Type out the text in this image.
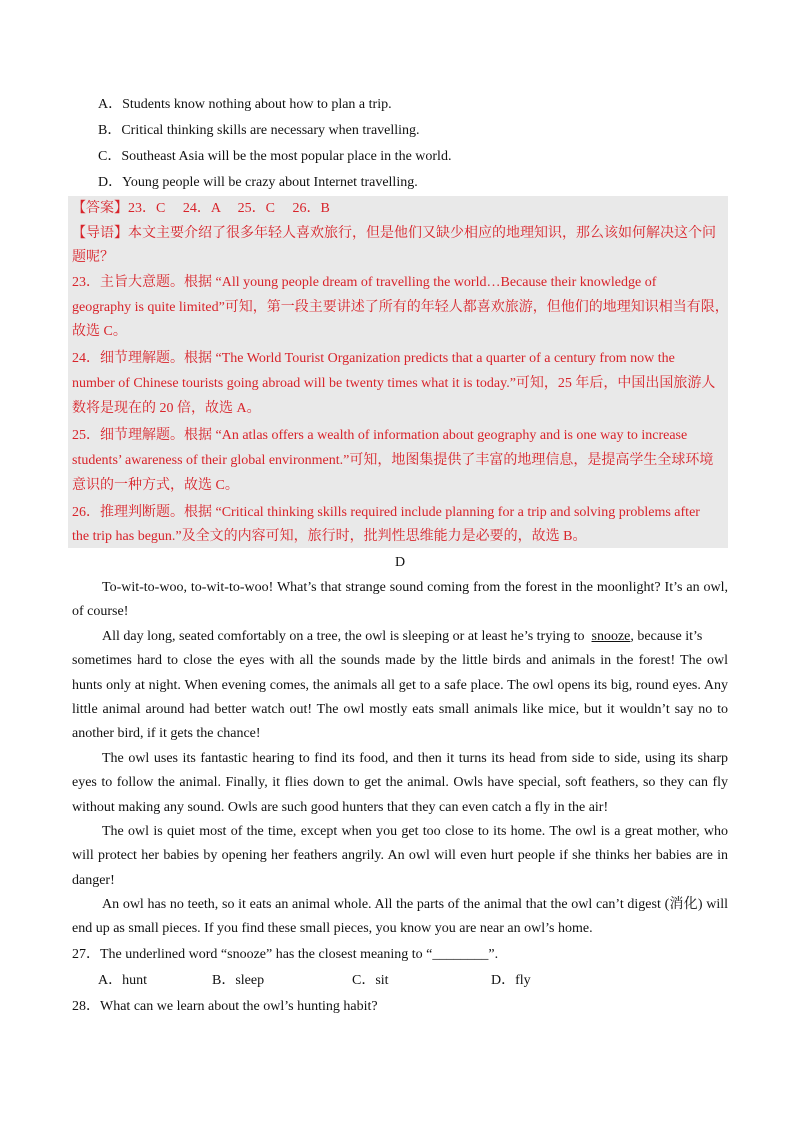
A．Students know nothing about how to plan a trip.
B．Critical thinking skills are necessary when travelling.
C．Southeast Asia will be the most popular place in the world.
D．Young people will be crazy about Internet travelling.
【答案】23．C　 24．A　 25．C　 26．B
【导语】本文主要介绍了很多年轻人喜欢旅行，但是他们又缺少相应的地理知识，那么该如何解决这个问
题呢？
23．主旨大意题。根据 “All young people dream of travelling the world…Because their knowledge of
geography is quite limited”可知，第一段主要讲述了所有的年轻人都喜欢旅游，但他们的地理知识相当有限，
故选 C。
24．细节理解题。根据 “The World Tourist Organization predicts that a quarter of a century from now the
number of Chinese tourists going abroad will be twenty times what it is today.”可知，25 年后，中国出国旅游人
数将是现在的 20 倍，故选 A。
25．细节理解题。根据 “An atlas offers a wealth of information about geography and is one way to increase
students’ awareness of their global environment.”可知，地图集提供了丰富的地理信息，是提高学生全球环境
意识的一种方式，故选 C。
26．推理判断题。根据 “Critical thinking skills required include planning for a trip and solving problems after
the trip has begun.”及全文的内容可知，旅行时，批判性思维能力是必要的，故选 B。
D
To-wit-to-woo, to-wit-to-woo! What’s that strange sound coming from the forest in the moonlight? It’s an owl,
of course!
All day long, seated comfortably on a tree, the owl is sleeping or at least he’s trying to snooze, because it’s
sometimes hard to close the eyes with all the sounds made by the little birds and animals in the forest! The owl
hunts only at night. When evening comes, the animals all get to a safe place. The owl opens its big, round eyes. Any
little animal around had better watch out! The owl mostly eats small animals like mice, but it wouldn’t say no to
another bird, if it gets the chance!
The owl uses its fantastic hearing to find its food, and then it turns its head from side to side, using its sharp
eyes to follow the animal. Finally, it flies down to get the animal. Owls have special, soft feathers, so they can fly
without making any sound. Owls are such good hunters that they can even catch a fly in the air!
The owl is quiet most of the time, except when you get too close to its home. The owl is a great mother, who
will protect her babies by opening her feathers angrily. An owl will even hurt people if she thinks her babies are in
danger!
An owl has no teeth, so it eats an animal whole. All the parts of the animal that the owl can’t digest (消化) will
end up as small pieces. If you find these small pieces, you know you are near an owl’s home.
27．The underlined word “snooze” has the closest meaning to “________”.
A．hunt	B．sleep	C．sit	D．fly
28．What can we learn about the owl’s hunting habit?
